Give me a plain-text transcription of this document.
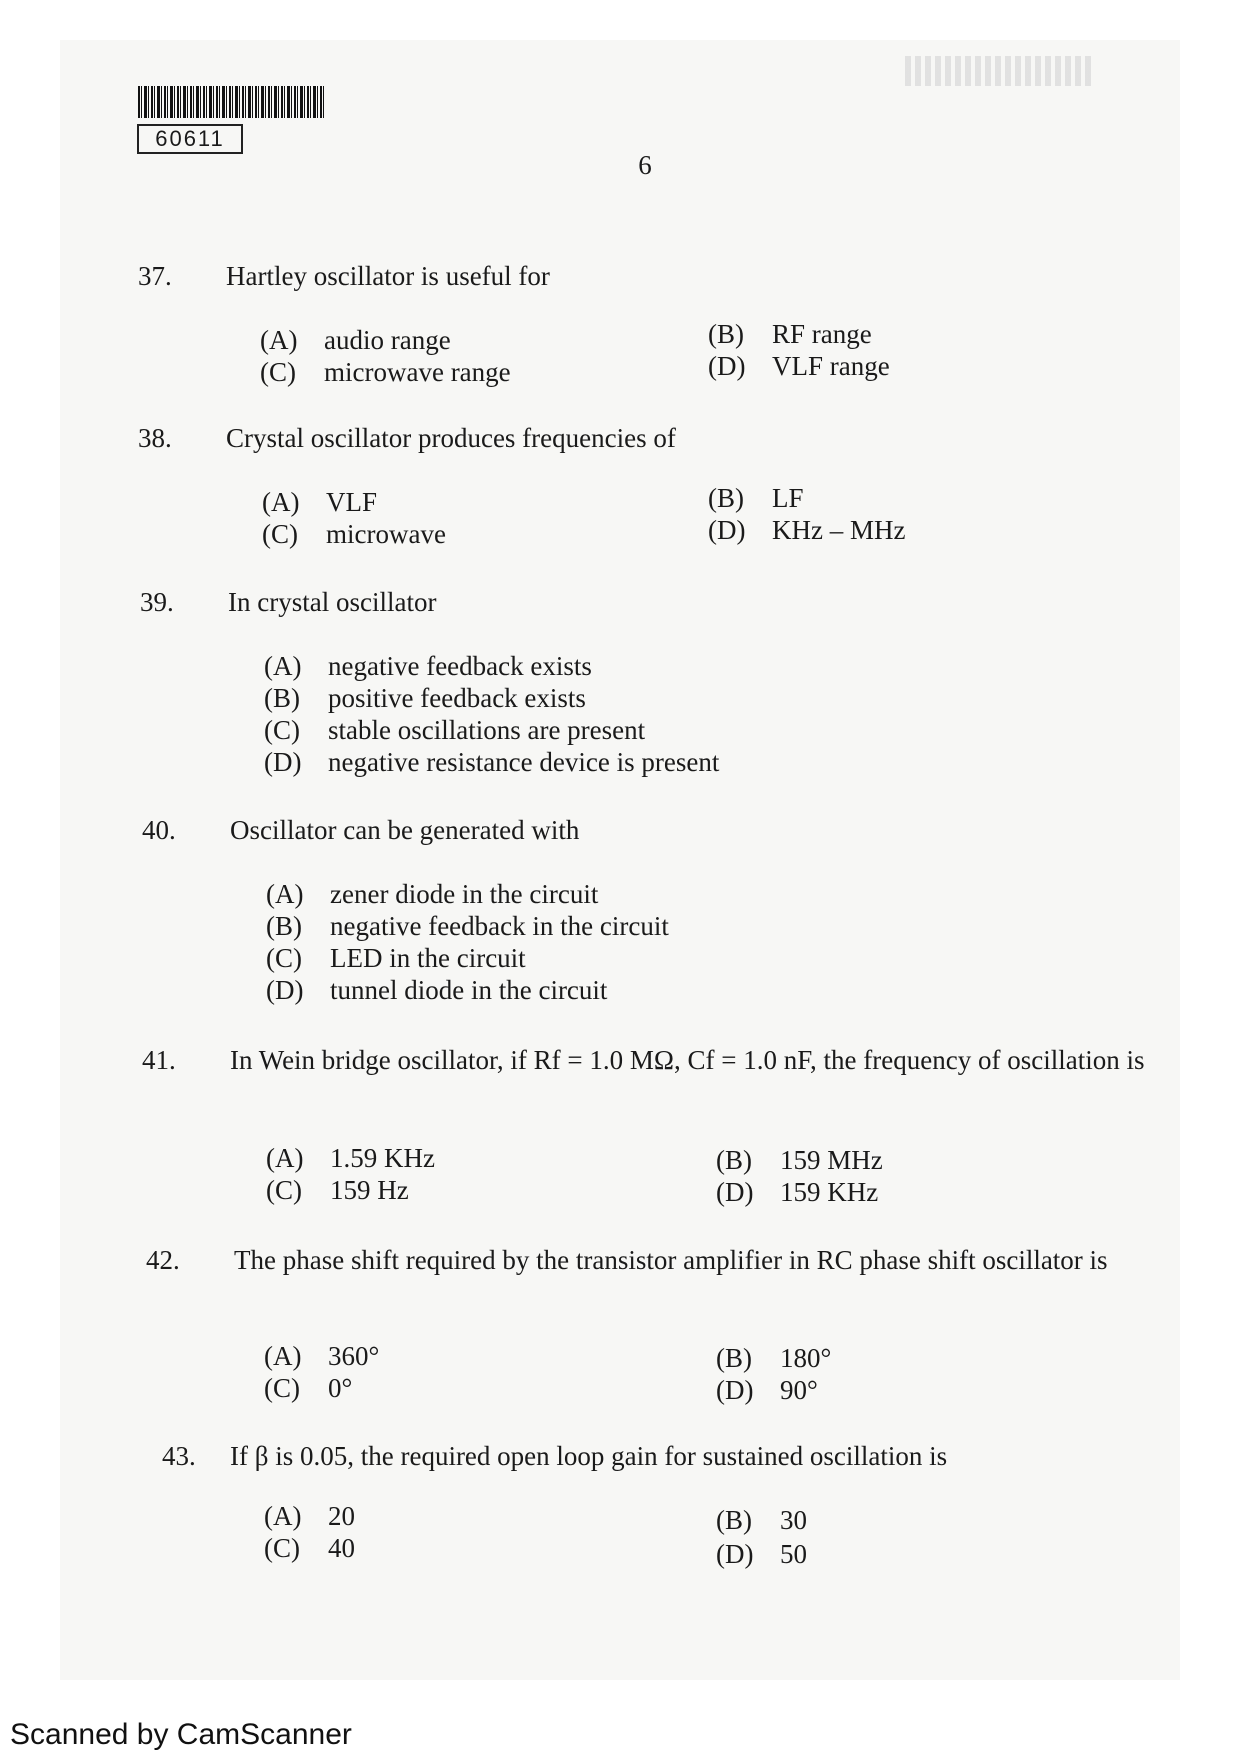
60611
6
37. Hartley oscillator is useful for
(A) audio range	(B) RF range
(C) microwave range	(D) VLF range
38. Crystal oscillator produces frequencies of
(A) VLF	(B) LF
(C) microwave	(D) KHz – MHz
39. In crystal oscillator
(A) negative feedback exists
(B) positive feedback exists
(C) stable oscillations are present
(D) negative resistance device is present
40. Oscillator can be generated with
(A) zener diode in the circuit
(B) negative feedback in the circuit
(C) LED in the circuit
(D) tunnel diode in the circuit
41. In Wein bridge oscillator, if Rf = 1.0 MΩ, Cf = 1.0 nF, the frequency of oscillation is
(A) 1.59 KHz	(B) 159 MHz
(C) 159 Hz	(D) 159 KHz
42. The phase shift required by the transistor amplifier in RC phase shift oscillator is
(A) 360°	(B) 180°
(C) 0°	(D) 90°
43. If β is 0.05, the required open loop gain for sustained oscillation is
(A) 20	(B) 30
(C) 40	(D) 50
Scanned by CamScanner
